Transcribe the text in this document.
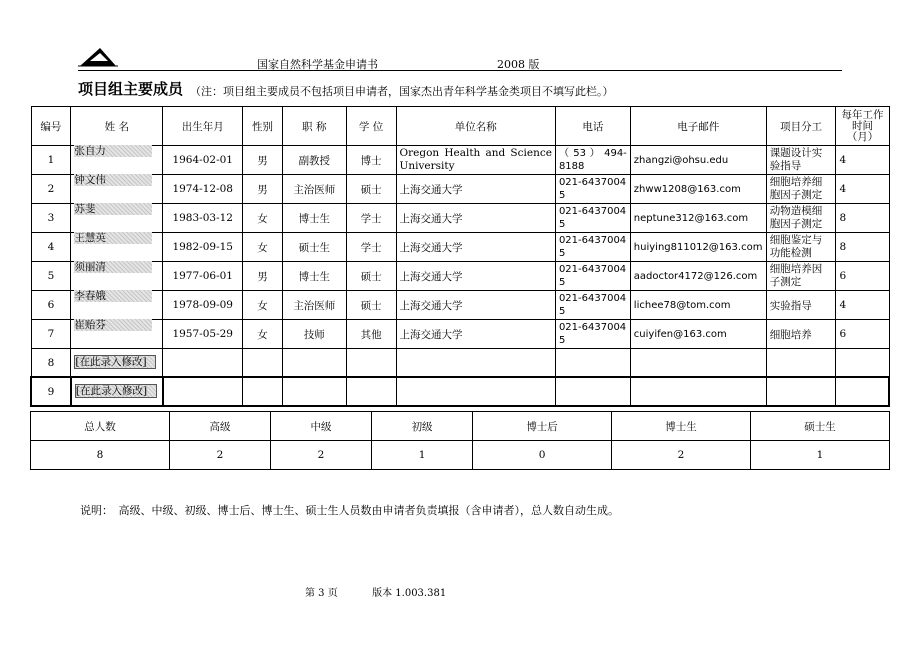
国家自然科学基金申请书	2008 版
项目组主要成员 （注：项目组主要成员不包括项目申请者，国家杰出青年科学基金类项目不填写此栏。）
编号	姓 名	出生年月	性别	职 称	学 位	单位名称	电话	电子邮件	项目分工	每年工作时间（月）
1	张自力	1964-02-01	男	副教授	博士	Oregon Health and Science University	（ 53 ） 494-8188	zhangzi@ohsu.edu	课题设计实验指导	4
2	钟文伟	1974-12-08	男	主治医师	硕士	上海交通大学	021-6437004 5	zhww1208@163.com	细胞培养细胞因子测定	4
3	苏斐	1983-03-12	女	博士生	学士	上海交通大学	021-6437004 5	neptune312@163.com	动物造模细胞因子测定	8
4	王慧英	1982-09-15	女	硕士生	学士	上海交通大学	021-6437004 5	huiying811012@163.com	细胞鉴定与功能检测	8
5	须丽清	1977-06-01	男	博士生	硕士	上海交通大学	021-6437004 5	aadoctor4172@126.com	细胞培养因子测定	6
6	李春娥	1978-09-09	女	主治医师	硕士	上海交通大学	021-6437004 5	lichee78@tom.com	实验指导	4
7	崔贻芬	1957-05-29	女	技师	其他	上海交通大学	021-6437004 5	cuiyifen@163.com	细胞培养	6
8	[在此录入修改]									
9	[在此录入修改]									
总人数	高级	中级	初级	博士后	博士生	硕士生
8	2	2	1	0	2	1
说明：　高级、中级、初级、博士后、博士生、硕士生人员数由申请者负责填报（含申请者），总人数自动生成。
第 3 页	版本 1.003.381
